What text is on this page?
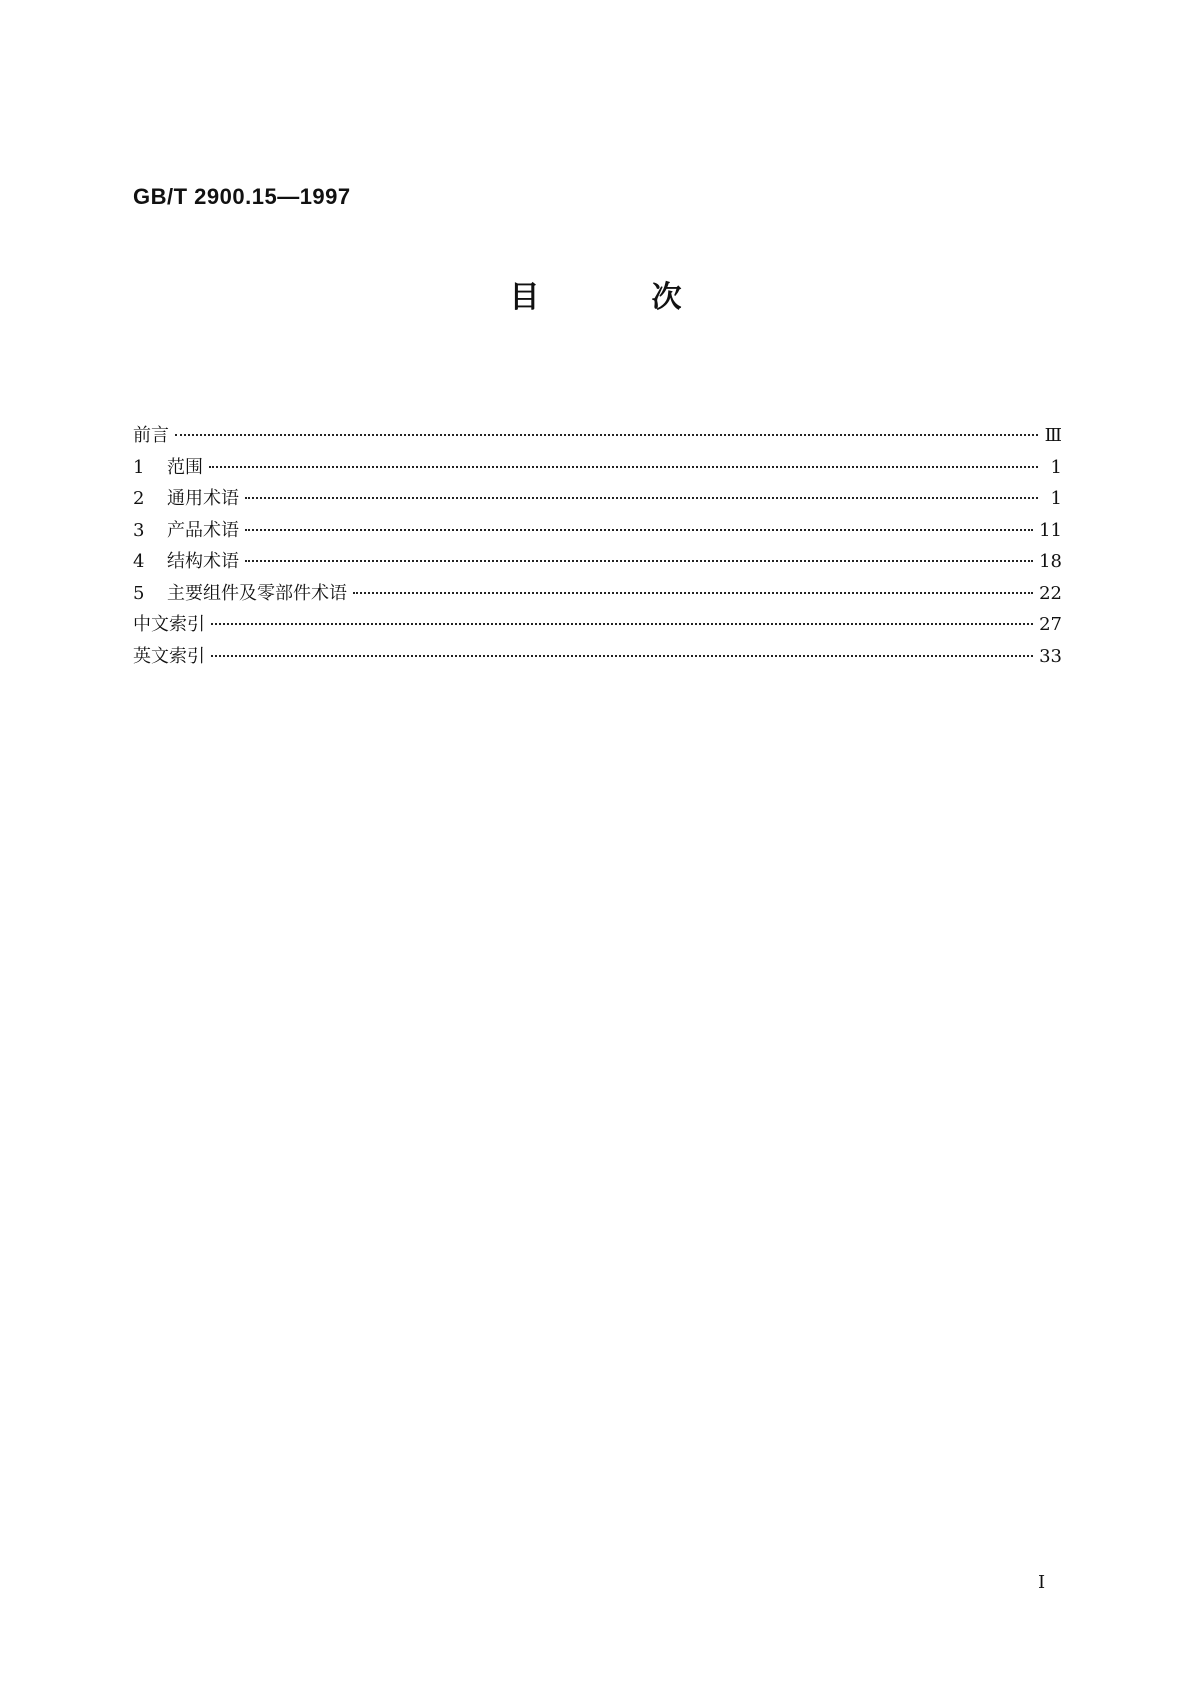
GB/T 2900.15—1997
目	次
前言	Ⅲ
1	范围	1
2	通用术语	1
3	产品术语	11
4	结构术语	18
5	主要组件及零部件术语	22
中文索引	27
英文索引	33
I
